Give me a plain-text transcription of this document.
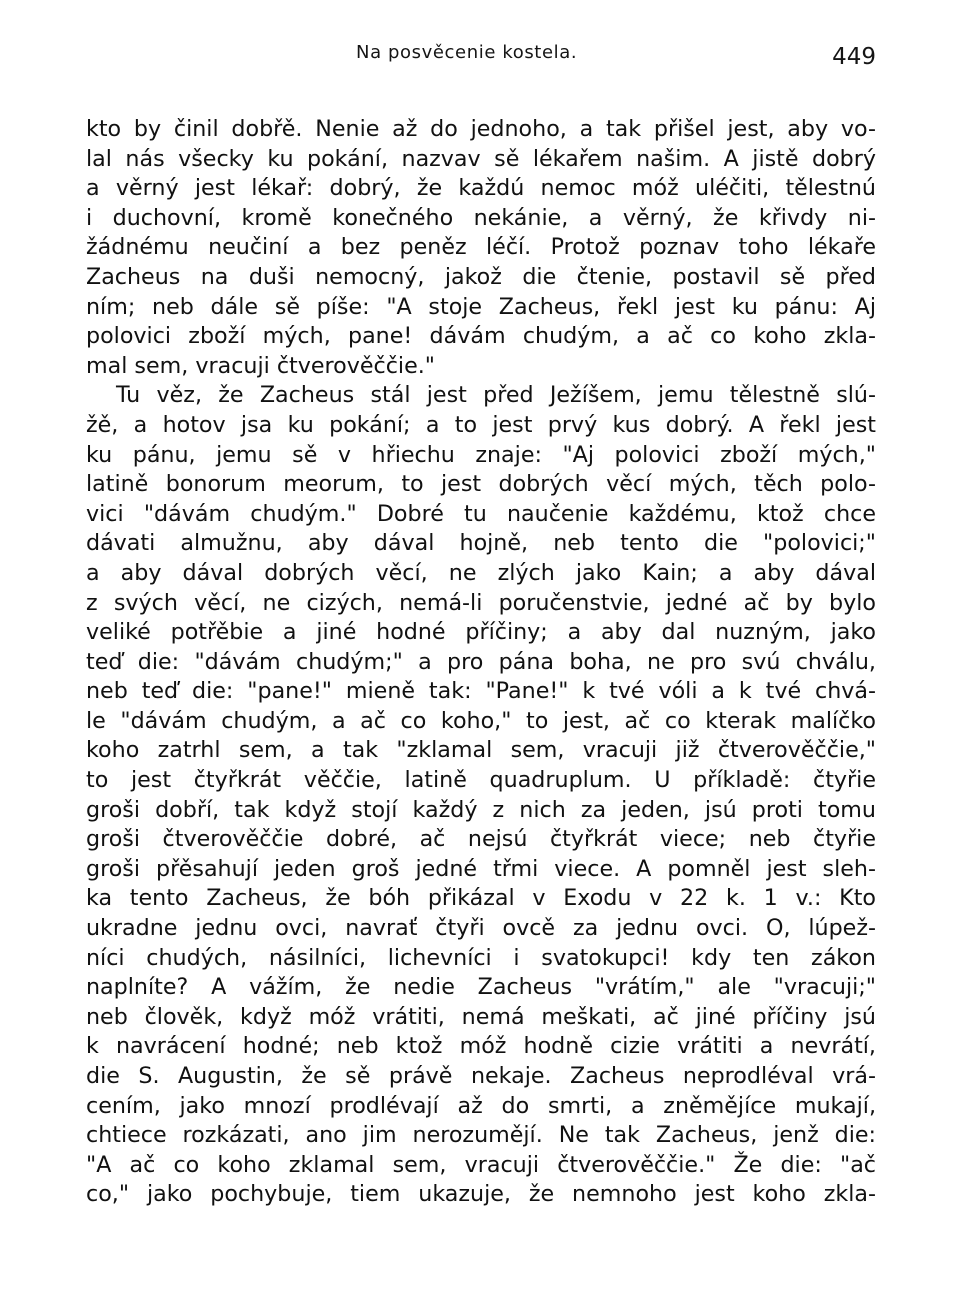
Na posvěcenie kostela.	449
kto by činil dobřě. Nenie až do jednoho, a tak přišel jest, aby vo-
lal nás všecky ku pokání, nazvav sě lékařem našim. A jistě dobrý
a věrný jest lékař: dobrý, že každú nemoc móž uléčiti, tělestnú
i duchovní, kromě konečného nekánie, a věrný, že křivdy ni-
žádnému neučiní a bez peněz léčí. Protož poznav toho lékaře
Zacheus na duši nemocný, jakož die čtenie, postavil sě před
ním; neb dále sě píše: "A stoje Zacheus, řekl jest ku pánu: Aj
polovici zboží mých, pane! dávám chudým, a ač co koho zkla-
mal sem, vracuji čtverověččie."
Tu věz, že Zacheus stál jest před Ježíšem, jemu tělestně slú-
žě, a hotov jsa ku pokání; a to jest prvý kus dobrý. A řekl jest
ku pánu, jemu sě v hřiechu znaje: "Aj polovici zboží mých,"
latině bonorum meorum, to jest dobrých věcí mých, těch polo-
vici "dávám chudým." Dobré tu naučenie každému, ktož chce
dávati almužnu, aby dával hojně, neb tento die "polovici;"
a aby dával dobrých věcí, ne zlých jako Kain; a aby dával
z svých věcí, ne cizých, nemá-li poručenstvie, jedné ač by bylo
veliké potřěbie a jiné hodné příčiny; a aby dal nuzným, jako
teď die: "dávám chudým;" a pro pána boha, ne pro svú chválu,
neb teď die: "pane!" mieně tak: "Pane!" k tvé vóli a k tvé chvá-
le "dávám chudým, a ač co koho," to jest, ač co kterak malíčko
koho zatrhl sem, a tak "zklamal sem, vracuji již čtverověččie,"
to jest čtyřkrát věččie, latině quadruplum. U příkladě: čtyřie
groši dobří, tak když stojí každý z nich za jeden, jsú proti tomu
groši čtverověččie dobré, ač nejsú čtyřkrát viece; neb čtyřie
groši přěsahují jeden groš jedné třmi viece. A pomněl jest sleh-
ka tento Zacheus, že bóh přikázal v Exodu v 22 k. 1 v.: Kto
ukradne jednu ovci, navrať čtyři ovcě za jednu ovci. O, lúpež-
níci chudých, násilníci, lichevníci i svatokupci! kdy ten zákon
naplníte? A vážím, že nedie Zacheus "vrátím," ale "vracuji;"
neb člověk, když móž vrátiti, nemá meškati, ač jiné příčiny jsú
k navrácení hodné; neb ktož móž hodně cizie vrátiti a nevrátí,
die S. Augustin, že sě právě nekaje. Zacheus neprodléval vrá-
cením, jako mnozí prodlévají až do smrti, a zněmějíce mukají,
chtiece rozkázati, ano jim nerozumějí. Ne tak Zacheus, jenž die:
"A ač co koho zklamal sem, vracuji čtverověččie." Že die: "ač
co," jako pochybuje, tiem ukazuje, že nemnoho jest koho zkla-
